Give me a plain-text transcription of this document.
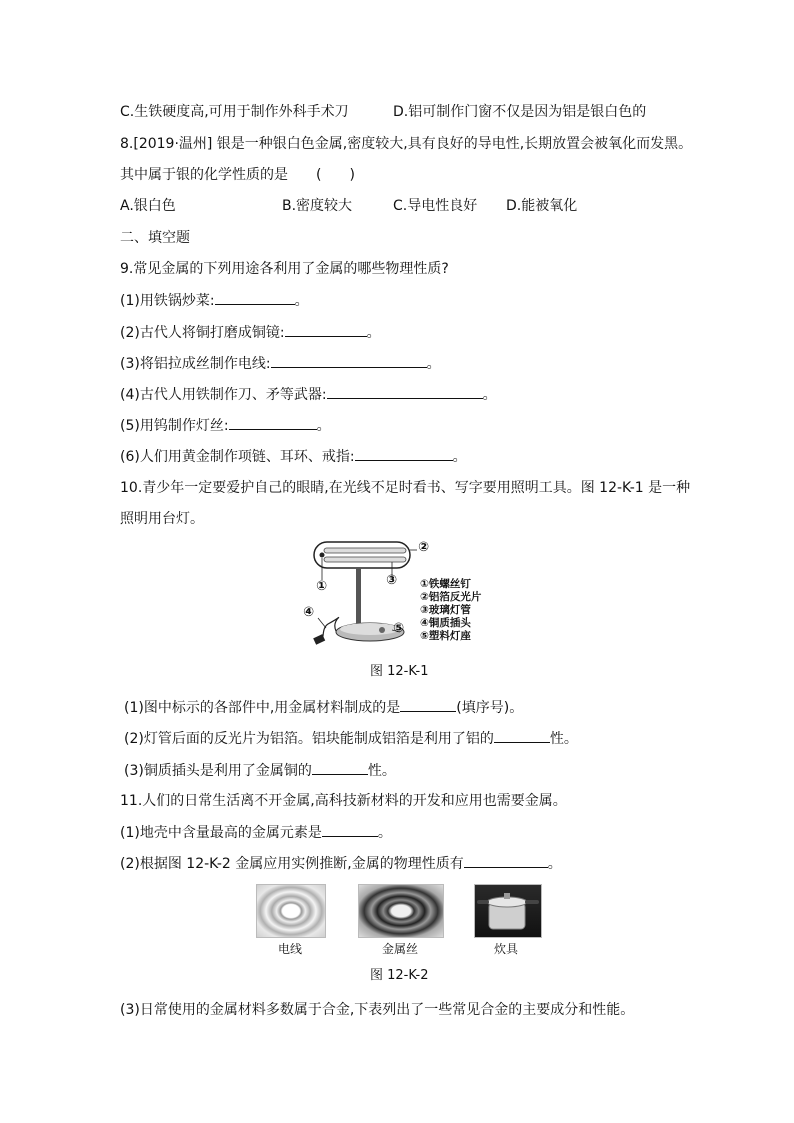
C.生铁硬度高,可用于制作外科手术刀	D.铝可制作门窗不仅是因为铝是银白色的
8.[2019·温州] 银是一种银白色金属,密度较大,具有良好的导电性,长期放置会被氧化而发黑。
其中属于银的化学性质的是　　(　　)
A.银白色	B.密度较大	C.导电性良好 D.能被氧化
二、填空题
9.常见金属的下列用途各利用了金属的哪些物理性质?
(1)用铁锅炒菜:	。
(2)古代人将铜打磨成铜镜:	。
(3)将铝拉成丝制作电线:	。
(4)古代人用铁制作刀、矛等武器:	。
(5)用钨制作灯丝:	。
(6)人们用黄金制作项链、耳环、戒指:	。
10.青少年一定要爱护自己的眼睛,在光线不足时看书、写字要用照明工具。图 12-K-1 是一种
照明用台灯。
①
②
③
④
⑤
①铁螺丝钉
②铝箔反光片
③玻璃灯管
④铜质插头
⑤塑料灯座
图 12-K-1
(1)图中标示的各部件中,用金属材料制成的是	(填序号)。
(2)灯管后面的反光片为铝箔。铝块能制成铝箔是利用了铝的	性。
(3)铜质插头是利用了金属铜的	性。
11.人们的日常生活离不开金属,高科技新材料的开发和应用也需要金属。
(1)地壳中含量最高的金属元素是	。
(2)根据图 12-K-2 金属应用实例推断,金属的物理性质有	。
电线	金属丝	炊具
图 12-K-2
(3)日常使用的金属材料多数属于合金,下表列出了一些常见合金的主要成分和性能。
